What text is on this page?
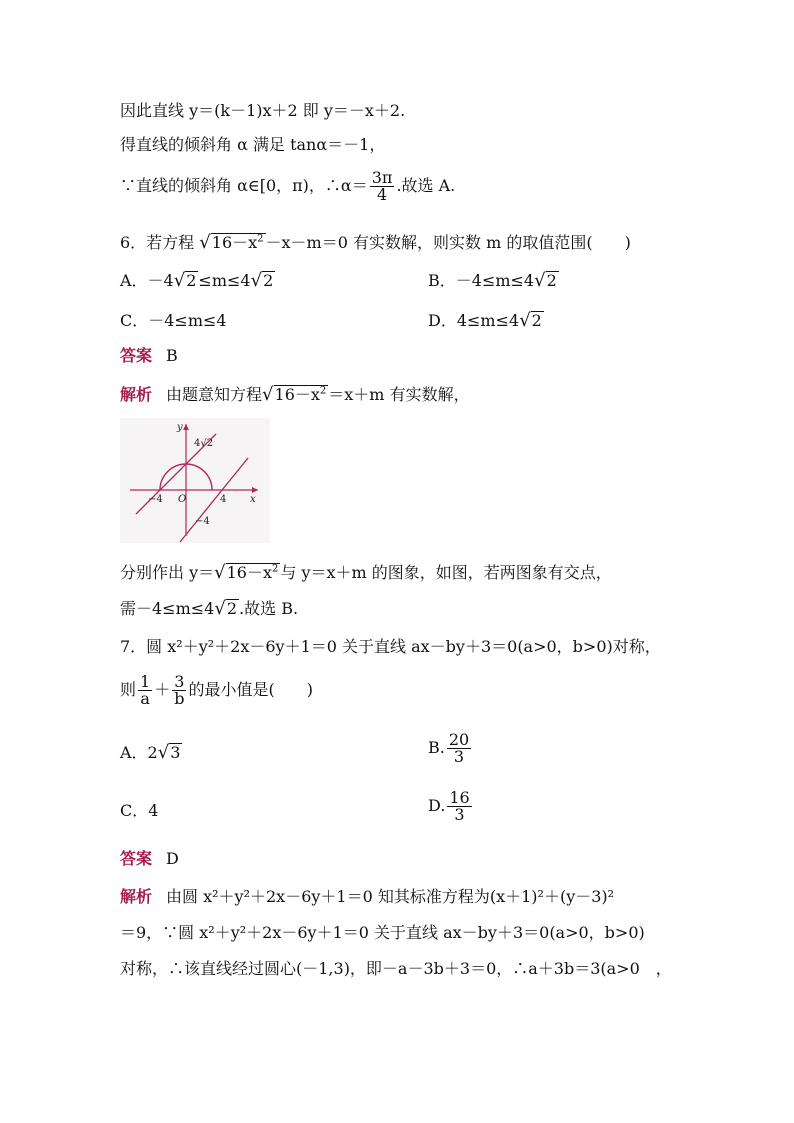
因此直线 y＝(k－1)x＋2 即 y＝－x＋2.
得直线的倾斜角 α 满足 tanα＝－1，
∵直线的倾斜角 α∈[0，π)，∴α＝ $\frac{3\pi}{4}$ .故选 A.
6．若方程 $√16-x^2 -x-m=0$ 有实数解，则实数 m 的取值范围(　　)
A．－4√2 ≤m≤4√2	B．－4≤m≤4√2
C．－4≤m≤4	D．4≤m≤4√2
答案 B
解析 由题意知方程$√16-x^2 =x+m$ 有实数解，
y
x
O
−4	4
−4
4√2
分别作出 $y=√16-x^2$ 与 y＝x＋m 的图象，如图，若两图象有交点，
需－4≤m≤4√2 .故选 B.
7．圆 x²＋y²＋2x－6y＋1＝0 关于直线 ax－by＋3＝0(a>0，b>0)对称，
则 $\frac{1}{a} + \frac{3}{b}$ 的最小值是(　　)
A．2√3	B. $\frac{20}{3}$
C．4	D. $\frac{16}{3}$
答案 D
解析 由圆 x²＋y²＋2x－6y＋1＝0 知其标准方程为(x＋1)²＋(y－3)²
＝9，∵圆 x²＋y²＋2x－6y＋1＝0 关于直线 ax－by＋3＝0(a>0，b>0)
对称，∴该直线经过圆心(－1,3)，即－a－3b＋3＝0，∴a＋3b＝3(a>0　，
